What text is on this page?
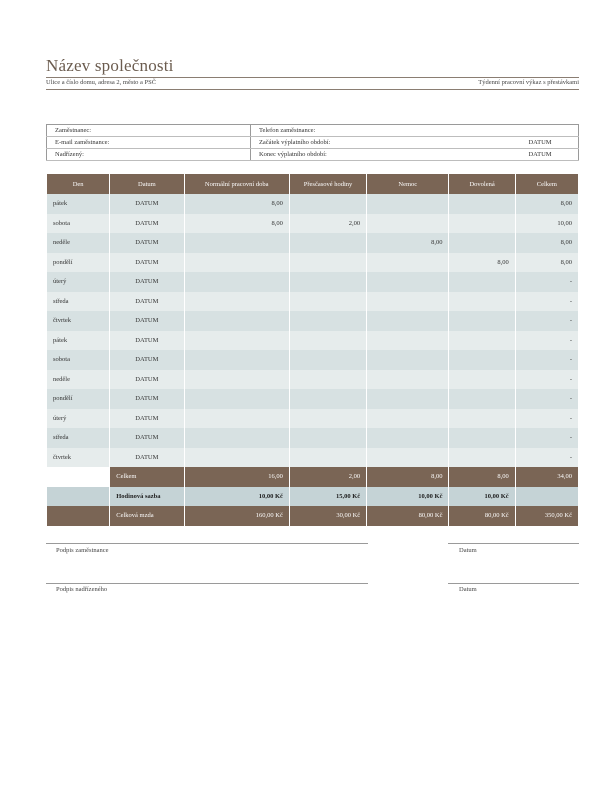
Název společnosti
Ulice a číslo domu, adresa 2, město a PSČ	Týdenní pracovní výkaz s přestávkami
Zaměstnanec:	Telefon zaměstnance:	
E-mail zaměstnance:	Začátek výplatního období:	DATUM
Nadřízený:	Konec výplatního období:	DATUM
Den	Datum	Normální pracovní doba	Přesčasové hodiny	Nemoc	Dovolená	Celkem
pátek	DATUM	8,00				8,00
sobota	DATUM	8,00	2,00			10,00
neděle	DATUM			8,00		8,00
pondělí	DATUM				8,00	8,00
úterý	DATUM					-
středa	DATUM					-
čtvrtek	DATUM					-
pátek	DATUM					-
sobota	DATUM					-
neděle	DATUM					-
pondělí	DATUM					-
úterý	DATUM					-
středa	DATUM					-
čtvrtek	DATUM					-
	Celkem	16,00	2,00	8,00	8,00	34,00
	Hodinová sazba	10,00 Kč	15,00 Kč	10,00 Kč	10,00 Kč	
	Celková mzda	160,00 Kč	30,00 Kč	80,00 Kč	80,00 Kč	350,00 Kč
Podpis zaměstnance	Datum
Podpis nadřízeného	Datum
